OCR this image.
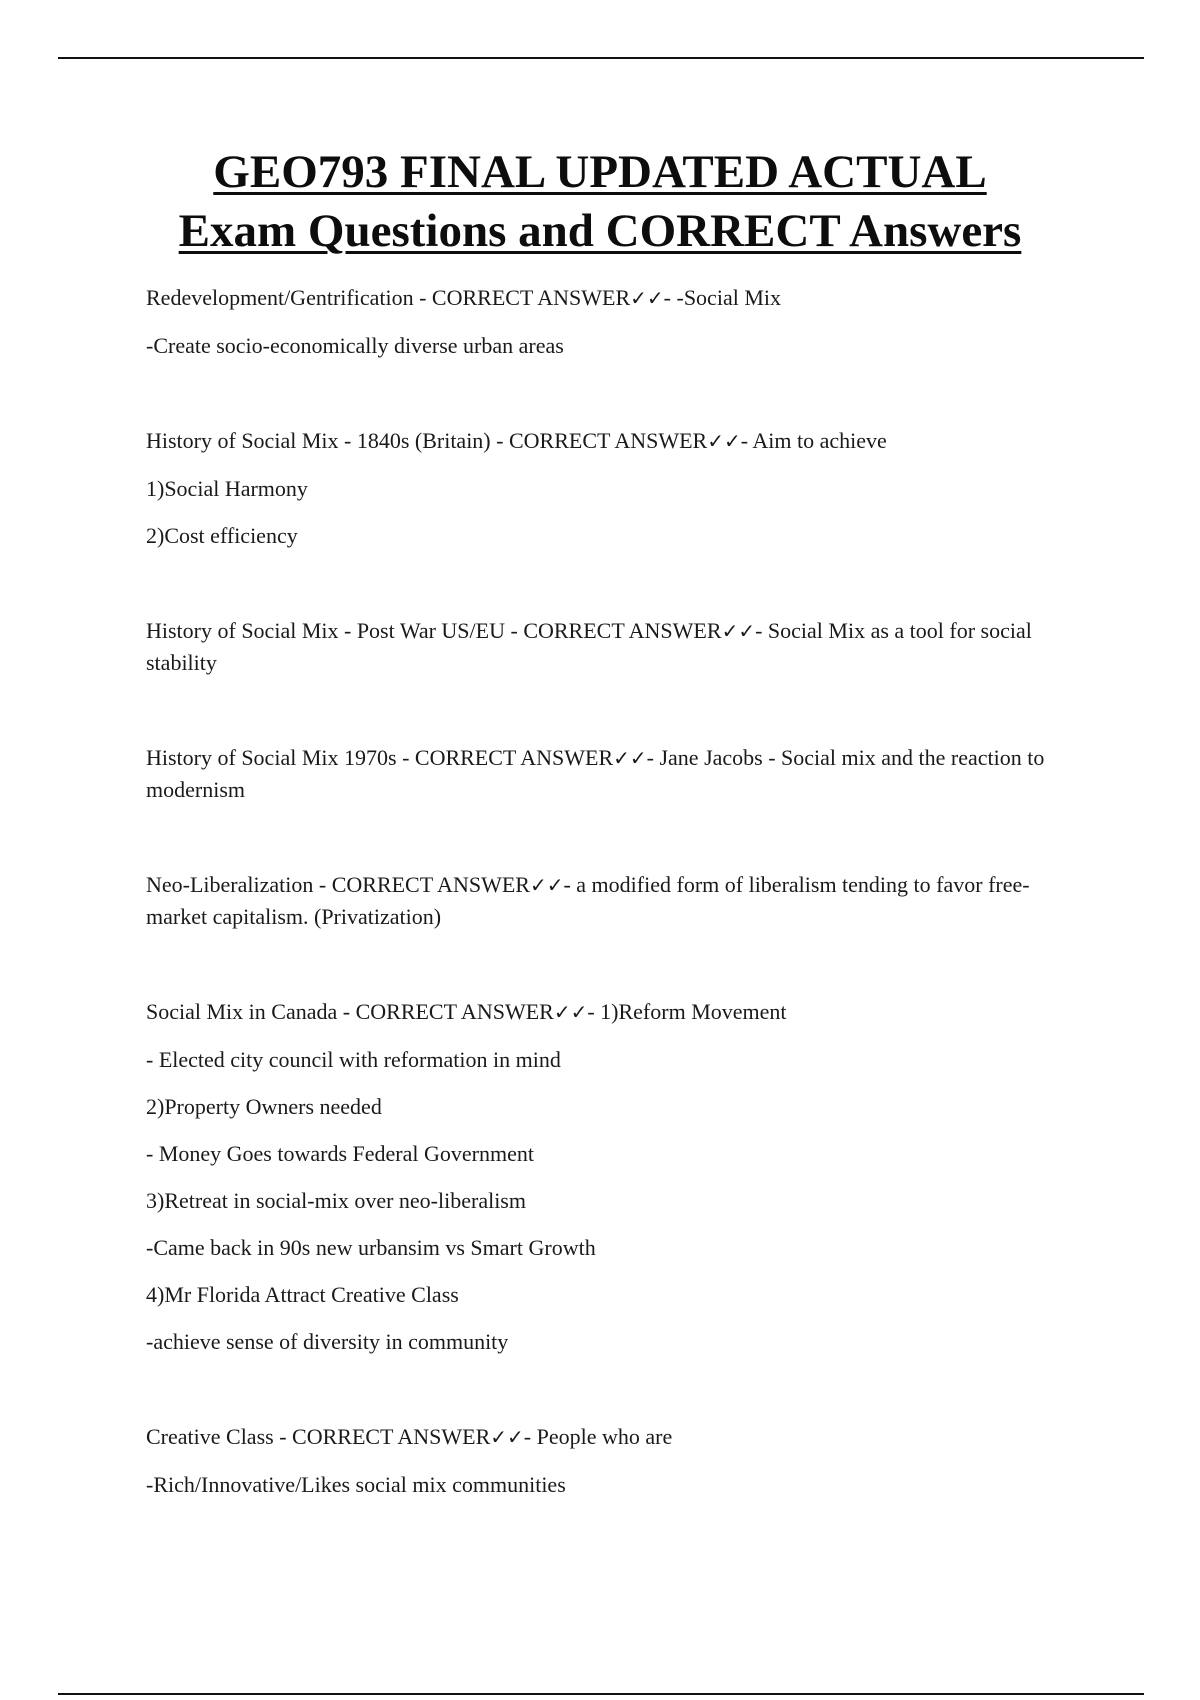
GEO793 FINAL UPDATED ACTUAL
Exam Questions and CORRECT Answers

Redevelopment/Gentrification - CORRECT ANSWER✓✓- -Social Mix

-Create socio-economically diverse urban areas

History of Social Mix - 1840s (Britain) - CORRECT ANSWER✓✓- Aim to achieve

1)Social Harmony

2)Cost efficiency

History of Social Mix - Post War US/EU - CORRECT ANSWER✓✓- Social Mix as a tool for social stability

History of Social Mix 1970s - CORRECT ANSWER✓✓- Jane Jacobs - Social mix and the reaction to modernism

Neo-Liberalization - CORRECT ANSWER✓✓- a modified form of liberalism tending to favor free-market capitalism. (Privatization)

Social Mix in Canada - CORRECT ANSWER✓✓- 1)Reform Movement

- Elected city council with reformation in mind

2)Property Owners needed

- Money Goes towards Federal Government

3)Retreat in social-mix over neo-liberalism

-Came back in 90s new urbansim vs Smart Growth

4)Mr Florida Attract Creative Class

-achieve sense of diversity in community

Creative Class - CORRECT ANSWER✓✓- People who are

-Rich/Innovative/Likes social mix communities
